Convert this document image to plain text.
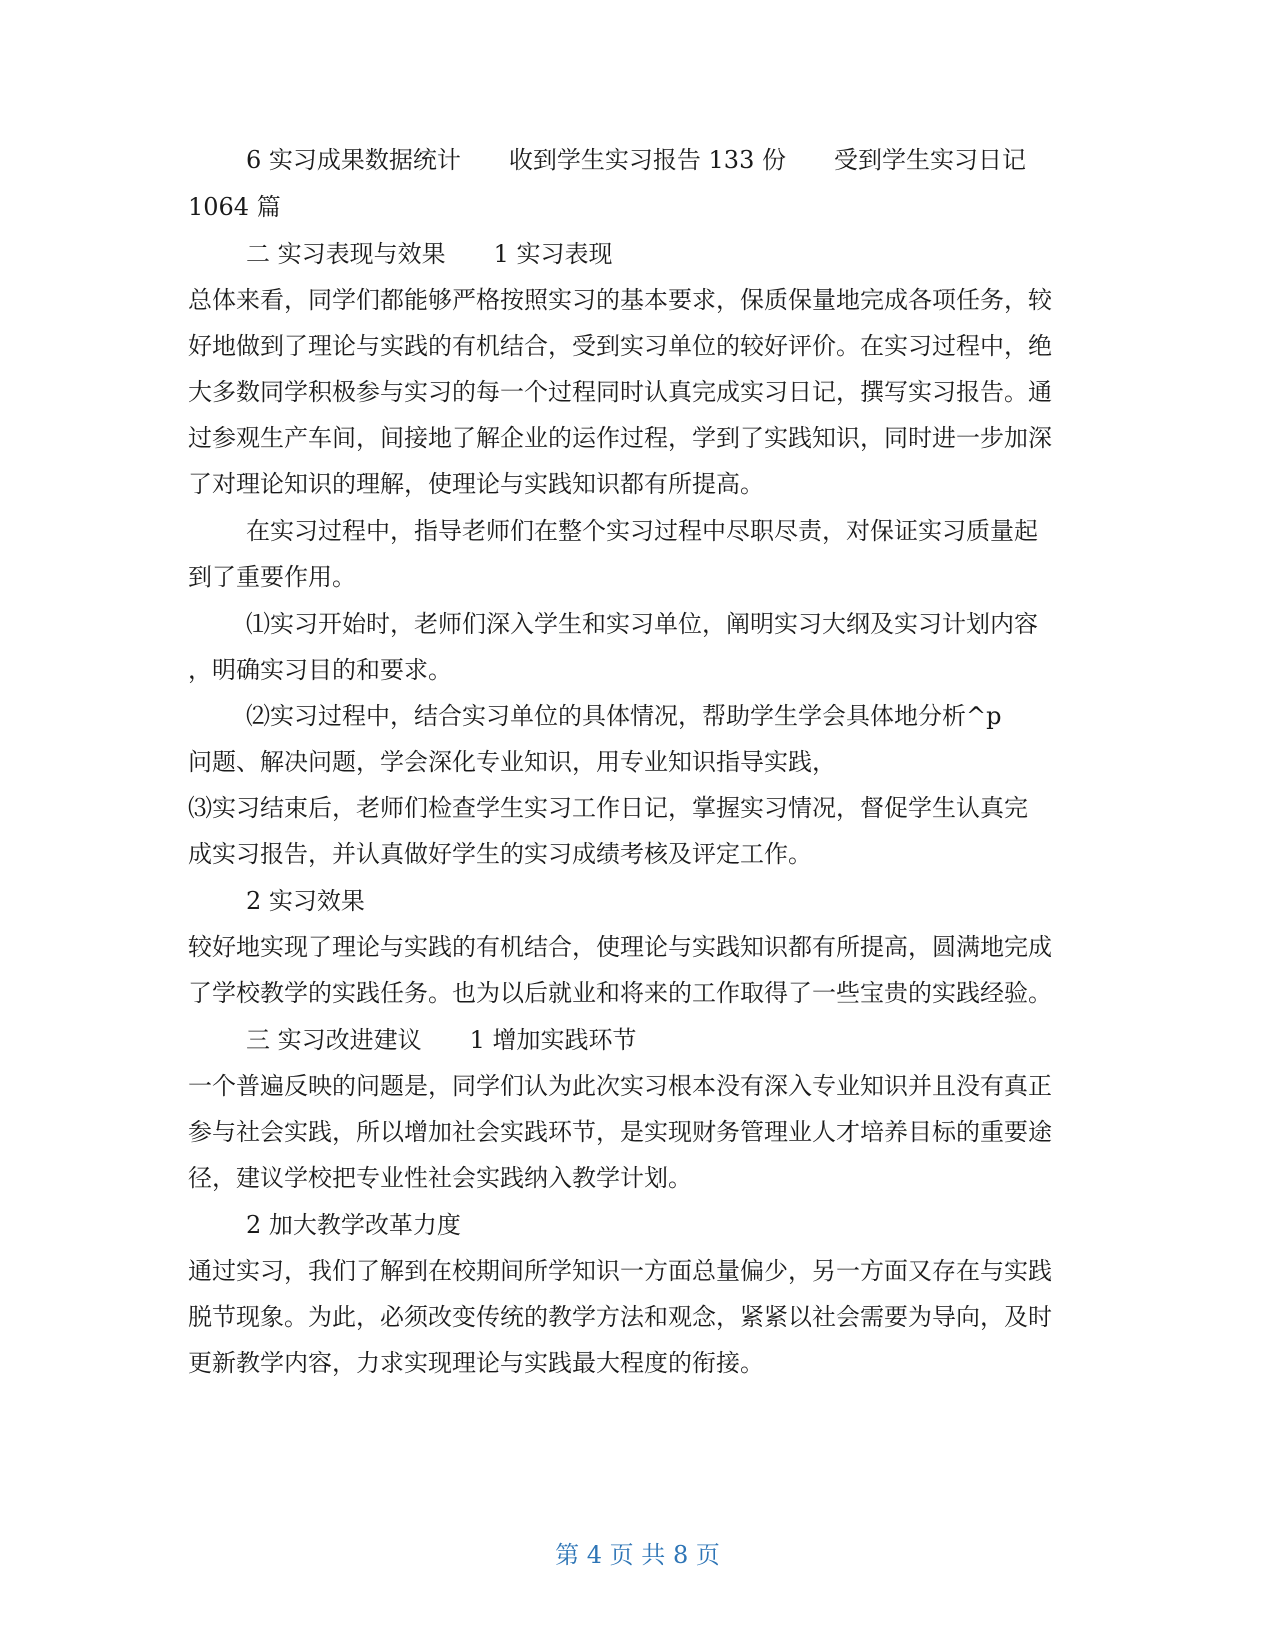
6 实习成果数据统计　　收到学生实习报告 133 份　　受到学生实习日记
1064 篇
二 实习表现与效果　　1 实习表现
总体来看，同学们都能够严格按照实习的基本要求，保质保量地完成各项任务，较
好地做到了理论与实践的有机结合，受到实习单位的较好评价。在实习过程中，绝
大多数同学积极参与实习的每一个过程同时认真完成实习日记，撰写实习报告。通
过参观生产车间，间接地了解企业的运作过程，学到了实践知识，同时进一步加深
了对理论知识的理解，使理论与实践知识都有所提高。
在实习过程中，指导老师们在整个实习过程中尽职尽责，对保证实习质量起
到了重要作用。
⑴实习开始时，老师们深入学生和实习单位，阐明实习大纲及实习计划内容
，明确实习目的和要求。
⑵实习过程中，结合实习单位的具体情况，帮助学生学会具体地分析^p
问题、解决问题，学会深化专业知识，用专业知识指导实践，
⑶实习结束后，老师们检查学生实习工作日记，掌握实习情况，督促学生认真完
成实习报告，并认真做好学生的实习成绩考核及评定工作。
2 实习效果
较好地实现了理论与实践的有机结合，使理论与实践知识都有所提高，圆满地完成
了学校教学的实践任务。也为以后就业和将来的工作取得了一些宝贵的实践经验。
三 实习改进建议　　1 增加实践环节
一个普遍反映的问题是，同学们认为此次实习根本没有深入专业知识并且没有真正
参与社会实践，所以增加社会实践环节，是实现财务管理业人才培养目标的重要途
径，建议学校把专业性社会实践纳入教学计划。
2 加大教学改革力度
通过实习，我们了解到在校期间所学知识一方面总量偏少，另一方面又存在与实践
脱节现象。为此，必须改变传统的教学方法和观念，紧紧以社会需要为导向，及时
更新教学内容，力求实现理论与实践最大程度的衔接。
第 4 页 共 8 页
